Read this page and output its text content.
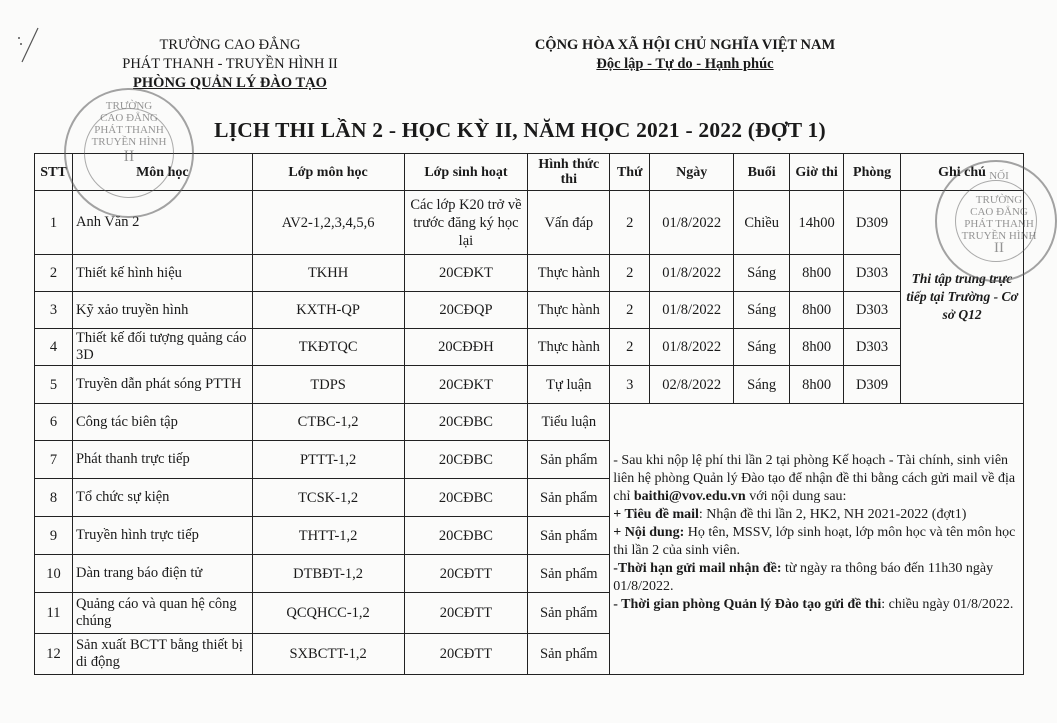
TRƯỜNG CAO ĐẲNG
PHÁT THANH - TRUYỀN HÌNH II
PHÒNG QUẢN LÝ ĐÀO TẠO
CỘNG HÒA XÃ HỘI CHỦ NGHĨA VIỆT NAM
Độc lập - Tự do - Hạnh phúc
LỊCH THI LẦN 2 - HỌC KỲ II, NĂM HỌC 2021 - 2022 (ĐỢT 1)
STT	Môn học	Lớp môn học	Lớp sinh hoạt	Hình thức thi	Thứ	Ngày	Buổi	Giờ thi	Phòng	Ghi chú
1	Anh Văn 2	AV2-1,2,3,4,5,6	Các lớp K20 trở về trước đăng ký học lại	Vấn đáp	2	01/8/2022	Chiều	14h00	D309	Thi tập trung trực tiếp tại Trường - Cơ sở Q12
2	Thiết kế hình hiệu	TKHH	20CĐKT	Thực hành	2	01/8/2022	Sáng	8h00	D303	
3	Kỹ xảo truyền hình	KXTH-QP	20CĐQP	Thực hành	2	01/8/2022	Sáng	8h00	D303	
4	Thiết kế đối tượng quảng cáo 3D	TKĐTQC	20CĐĐH	Thực hành	2	01/8/2022	Sáng	8h00	D303	
5	Truyền dẫn phát sóng PTTH	TDPS	20CĐKT	Tự luận	3	02/8/2022	Sáng	8h00	D309	
6	Công tác biên tập	CTBC-1,2	20CĐBC	Tiểu luận	- Sau khi nộp lệ phí thi lần 2 tại phòng Kế hoạch - Tài chính, sinh viên liên hệ phòng Quản lý Đào tạo để nhận đề thi bằng cách gửi mail về địa chỉ baithi@vov.edu.vn với nội dung sau:
+ Tiêu đề mail: Nhận đề thi lần 2, HK2, NH 2021-2022 (đợt1)
+ Nội dung: Họ tên, MSSV, lớp sinh hoạt, lớp môn học và tên môn học thi lần 2 của sinh viên.
-Thời hạn gửi mail nhận đề: từ ngày ra thông báo đến 11h30 ngày 01/8/2022.
- Thời gian phòng Quản lý Đào tạo gửi đề thi: chiều ngày 01/8/2022.					
7	Phát thanh trực tiếp	PTTT-1,2	20CĐBC	Sản phẩm						
8	Tổ chức sự kiện	TCSK-1,2	20CĐBC	Sản phẩm						
9	Truyền hình trực tiếp	THTT-1,2	20CĐBC	Sản phẩm						
10	Dàn trang báo điện tử	DTBĐT-1,2	20CĐTT	Sản phẩm						
11	Quảng cáo và quan hệ công chúng	QCQHCC-1,2	20CĐTT	Sản phẩm						
12	Sản xuất BCTT bằng thiết bị di động	SXBCTT-1,2	20CĐTT	Sản phẩm						
TRƯỜNG
CAO ĐẲNG
PHÁT THANH
TRUYỀN HÌNH
II
NỐI
TRƯỜNG
CAO ĐẲNG
PHÁT THANH
TRUYỀN HÌNH
II
